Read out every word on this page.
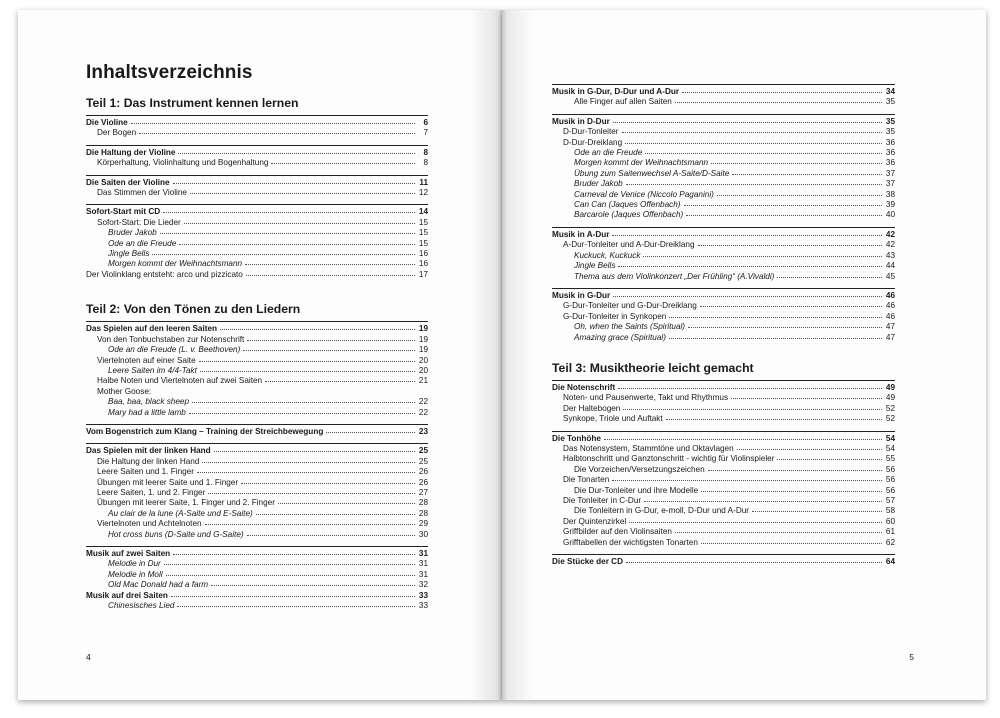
Inhaltsverzeichnis
Teil 1: Das Instrument kennen lernen
Die Violine	6
Der Bogen	7
Die Haltung der Violine	8
Körperhaltung, Violinhaltung und Bogenhaltung	8
Die Saiten der Violine	11
Das Stimmen der Violine	12
Sofort-Start mit CD	14
Sofort-Start: Die Lieder	15
Bruder Jakob	15
Ode an die Freude	15
Jingle Bells	16
Morgen kommt der Weihnachtsmann	16
Der Violinklang entsteht: arco und pizzicato	17
Teil 2: Von den Tönen zu den Liedern
Das Spielen auf den leeren Saiten	19
Von den Tonbuchstaben zur Notenschrift	19
Ode an die Freude (L. v. Beethoven)	19
Viertelnoten auf einer Saite	20
Leere Saiten im 4/4-Takt	20
Halbe Noten und Viertelnoten auf zwei Saiten	21
Mother Goose:
Baa, baa, black sheep	22
Mary had a little lamb	22
Vom Bogenstrich zum Klang – Training der Streichbewegung	23
Das Spielen mit der linken Hand	25
Die Haltung der linken Hand	25
Leere Saiten und 1. Finger	26
Übungen mit leerer Saite und 1. Finger	26
Leere Saiten, 1. und 2. Finger	27
Übungen mit leerer Saite, 1. Finger und 2. Finger	28
Au clair de la lune (A-Saite und E-Saite)	28
Viertelnoten und Achtelnoten	29
Hot cross buns (D-Saite und G-Saite)	30
Musik auf zwei Saiten	31
Melodie in Dur	31
Melodie in Moll	31
Old Mac Donald had a farm	32
Musik auf drei Saiten	33
Chinesisches Lied	33
4
Musik in G-Dur, D-Dur und A-Dur	34
Alle Finger auf allen Saiten	35
Musik in D-Dur	35
D-Dur-Tonleiter	35
D-Dur-Dreiklang	36
Ode an die Freude	36
Morgen kommt der Weihnachtsmann	36
Übung zum Saitenwechsel A-Saite/D-Saite	37
Bruder Jakob	37
Carneval de Venice (Niccolo Paganini)	38
Can Can (Jaques Offenbach)	39
Barcarole (Jaques Offenbach)	40
Musik in A-Dur	42
A-Dur-Tonleiter und A-Dur-Dreiklang	42
Kuckuck, Kuckuck	43
Jingle Bells	44
Thema aus dem Violinkonzert „Der Frühling“ (A.Vivaldi)	45
Musik in G-Dur	46
G-Dur-Tonleiter und G-Dur-Dreiklang	46
G-Dur-Tonleiter in Synkopen	46
Oh, when the Saints (Spiritual)	47
Amazing grace (Spiritual)	47
Teil 3: Musiktheorie leicht gemacht
Die Notenschrift	49
Noten- und Pausenwerte, Takt und Rhythmus	49
Der Haltebogen	52
Synkope, Triole und Auftakt	52
Die Tonhöhe	54
Das Notensystem, Stammtöne und Oktavlagen	54
Halbtonschritt und Ganztonschritt - wichtig für Violinspieler	55
Die Vorzeichen/Versetzungszeichen	56
Die Tonarten	56
Die Dur-Tonleiter und ihre Modelle	56
Die Tonleiter in C-Dur	57
Die Tonleitern in G-Dur, e-moll, D-Dur und A-Dur	58
Der Quintenzirkel	60
Griffbilder auf den Violinsaiten	61
Grifftabellen der wichtigsten Tonarten	62
Die Stücke der CD	64
5
